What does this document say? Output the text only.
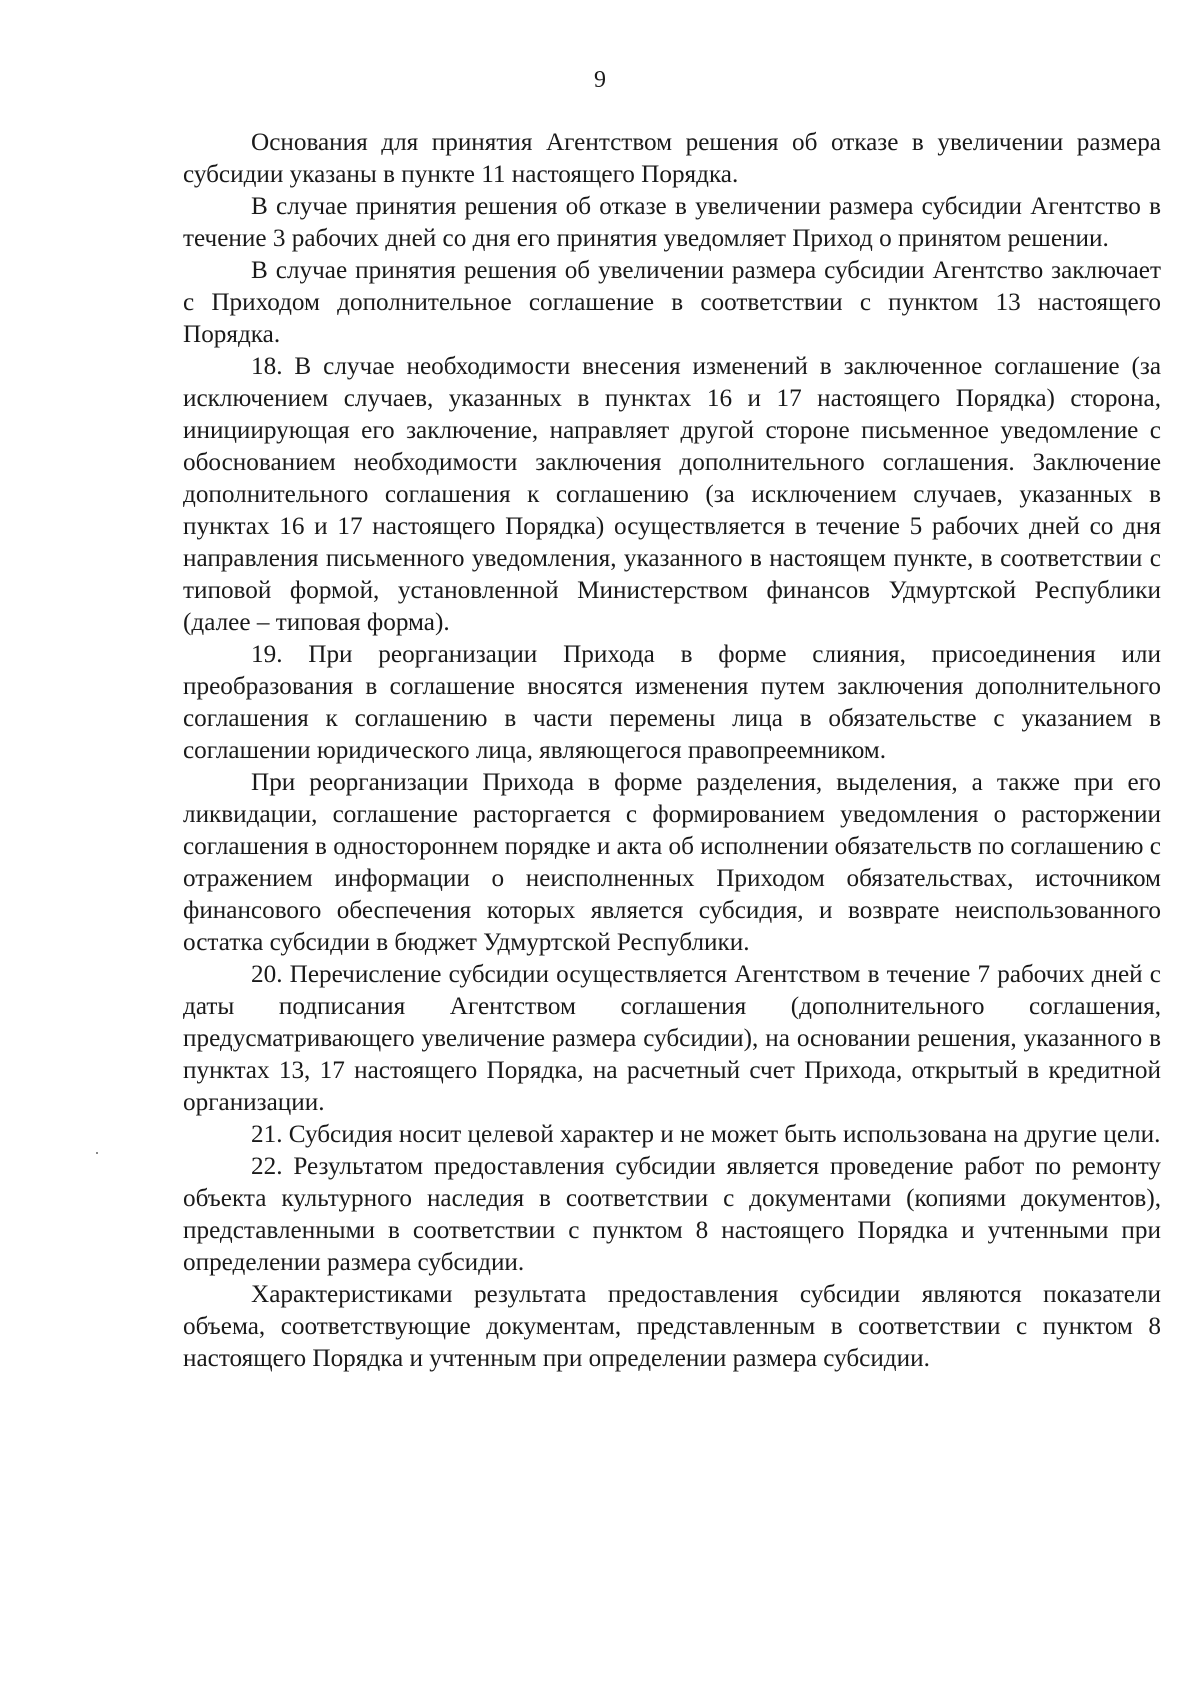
9

Основания для принятия Агентством решения об отказе в увеличении размера субсидии указаны в пункте 11 настоящего Порядка.

В случае принятия решения об отказе в увеличении размера субсидии Агентство в течение 3 рабочих дней со дня его принятия уведомляет Приход о принятом решении.

В случае принятия решения об увеличении размера субсидии Агентство заключает с Приходом дополнительное соглашение в соответствии с пунктом 13 настоящего Порядка.

18. В случае необходимости внесения изменений в заключенное соглашение (за исключением случаев, указанных в пунктах 16 и 17 настоящего Порядка) сторона, инициирующая его заключение, направляет другой стороне письменное уведомление с обоснованием необходимости заключения дополнительного соглашения. Заключение дополнительного соглашения к соглашению (за исключением случаев, указанных в пунктах 16 и 17 настоящего Порядка) осуществляется в течение 5 рабочих дней со дня направления письменного уведомления, указанного в настоящем пункте, в соответствии с типовой формой, установленной Министерством финансов Удмуртской Республики (далее – типовая форма).

19. При реорганизации Прихода в форме слияния, присоединения или преобразования в соглашение вносятся изменения путем заключения дополнительного соглашения к соглашению в части перемены лица в обязательстве с указанием в соглашении юридического лица, являющегося правопреемником.

При реорганизации Прихода в форме разделения, выделения, а также при его ликвидации, соглашение расторгается с формированием уведомления о расторжении соглашения в одностороннем порядке и акта об исполнении обязательств по соглашению с отражением информации о неисполненных Приходом обязательствах, источником финансового обеспечения которых является субсидия, и возврате неиспользованного остатка субсидии в бюджет Удмуртской Республики.

20. Перечисление субсидии осуществляется Агентством в течение 7 рабочих дней с даты подписания Агентством соглашения (дополнительного соглашения, предусматривающего увеличение размера субсидии), на основании решения, указанного в пунктах 13, 17 настоящего Порядка, на расчетный счет Прихода, открытый в кредитной организации.

21. Субсидия носит целевой характер и не может быть использована на другие цели.

22. Результатом предоставления субсидии является проведение работ по ремонту объекта культурного наследия в соответствии с документами (копиями документов), представленными в соответствии с пунктом 8 настоящего Порядка и учтенными при определении размера субсидии.

Характеристиками результата предоставления субсидии являются показатели объема, соответствующие документам, представленным в соответствии с пунктом 8 настоящего Порядка и учтенным при определении размера субсидии.
